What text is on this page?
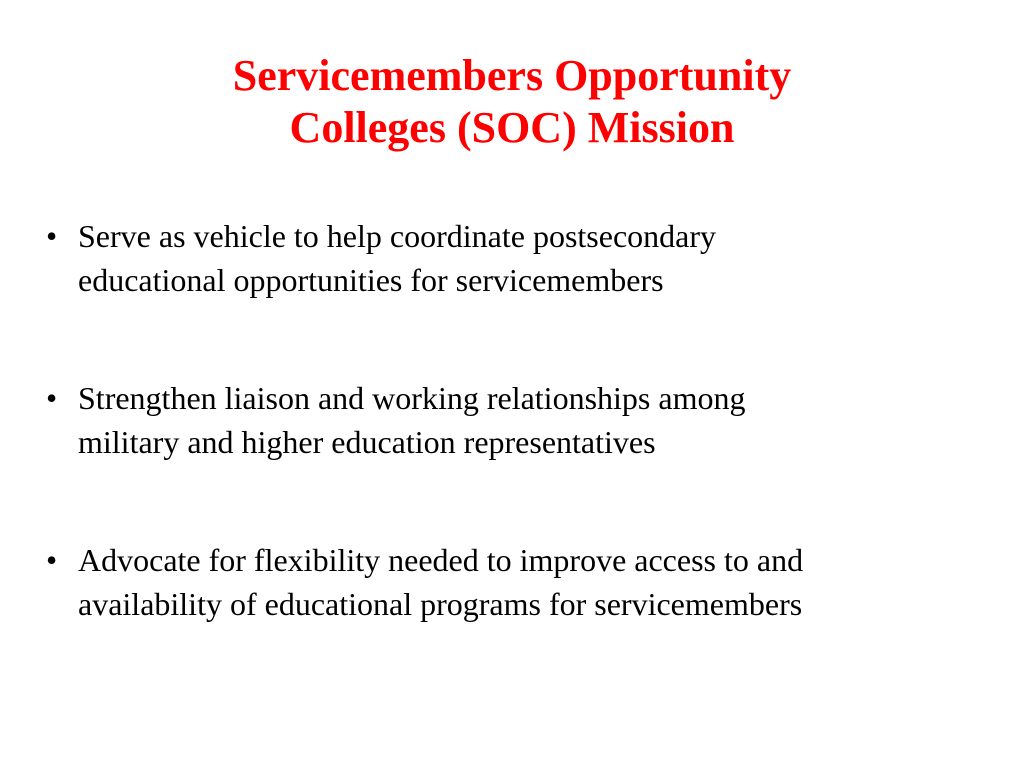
Servicemembers Opportunity
Colleges (SOC) Mission
• Serve as vehicle to help coordinate postsecondary
educational opportunities for servicemembers
• Strengthen liaison and working relationships among
military and higher education representatives
• Advocate for flexibility needed to improve access to and
availability of educational programs for servicemembers
